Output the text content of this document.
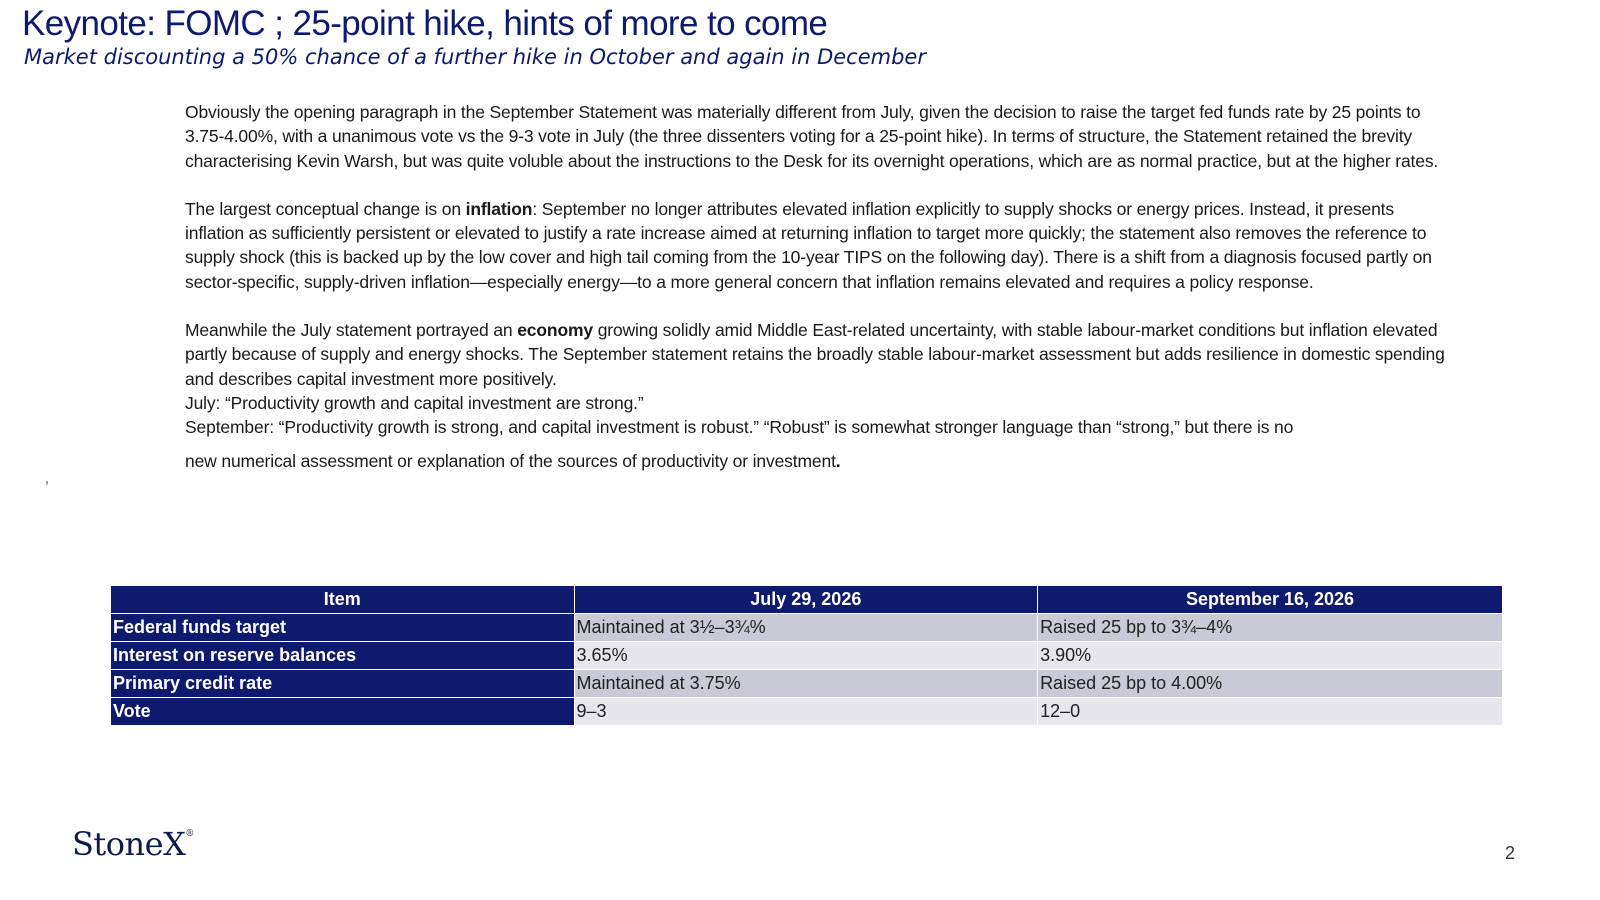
Keynote: FOMC ; 25-point hike, hints of more to come
Market discounting a 50% chance of a further hike in October and again in December
,

Obviously the opening paragraph in the September Statement was materially different from July, given the decision to raise the target fed funds rate by 25 points to 3.75-4.00%, with a unanimous vote vs the 9-3 vote in July (the three dissenters voting for a 25-point hike). In terms of structure, the Statement retained the brevity characterising Kevin Warsh, but was quite voluble about the instructions to the Desk for its overnight operations, which are as normal practice, but at the higher rates.

The largest conceptual change is on inflation: September no longer attributes elevated inflation explicitly to supply shocks or energy prices. Instead, it presents inflation as sufficiently persistent or elevated to justify a rate increase aimed at returning inflation to target more quickly; the statement also removes the reference to supply shock (this is backed up by the low cover and high tail coming from the 10-year TIPS on the following day). There is a shift from a diagnosis focused partly on sector-specific, supply-driven inflation—especially energy—to a more general concern that inflation remains elevated and requires a policy response.

Meanwhile the July statement portrayed an economy growing solidly amid Middle East-related uncertainty, with stable labour-market conditions but inflation elevated partly because of supply and energy shocks. The September statement retains the broadly stable labour-market assessment but adds resilience in domestic spending and describes capital investment more positively.

July: “Productivity growth and capital investment are strong.”

September: “Productivity growth is strong, and capital investment is robust.” “Robust” is somewhat stronger language than “strong,” but there is no

new numerical assessment or explanation of the sources of productivity or investment.

Item	July 29, 2026	September 16, 2026
Federal funds target	Maintained at 3½–3¾%	Raised 25 bp to 3¾–4%
Interest on reserve balances	3.65%	3.90%
Primary credit rate	Maintained at 3.75%	Raised 25 bp to 4.00%
Vote	9–3	12–0
StoneX®
2
